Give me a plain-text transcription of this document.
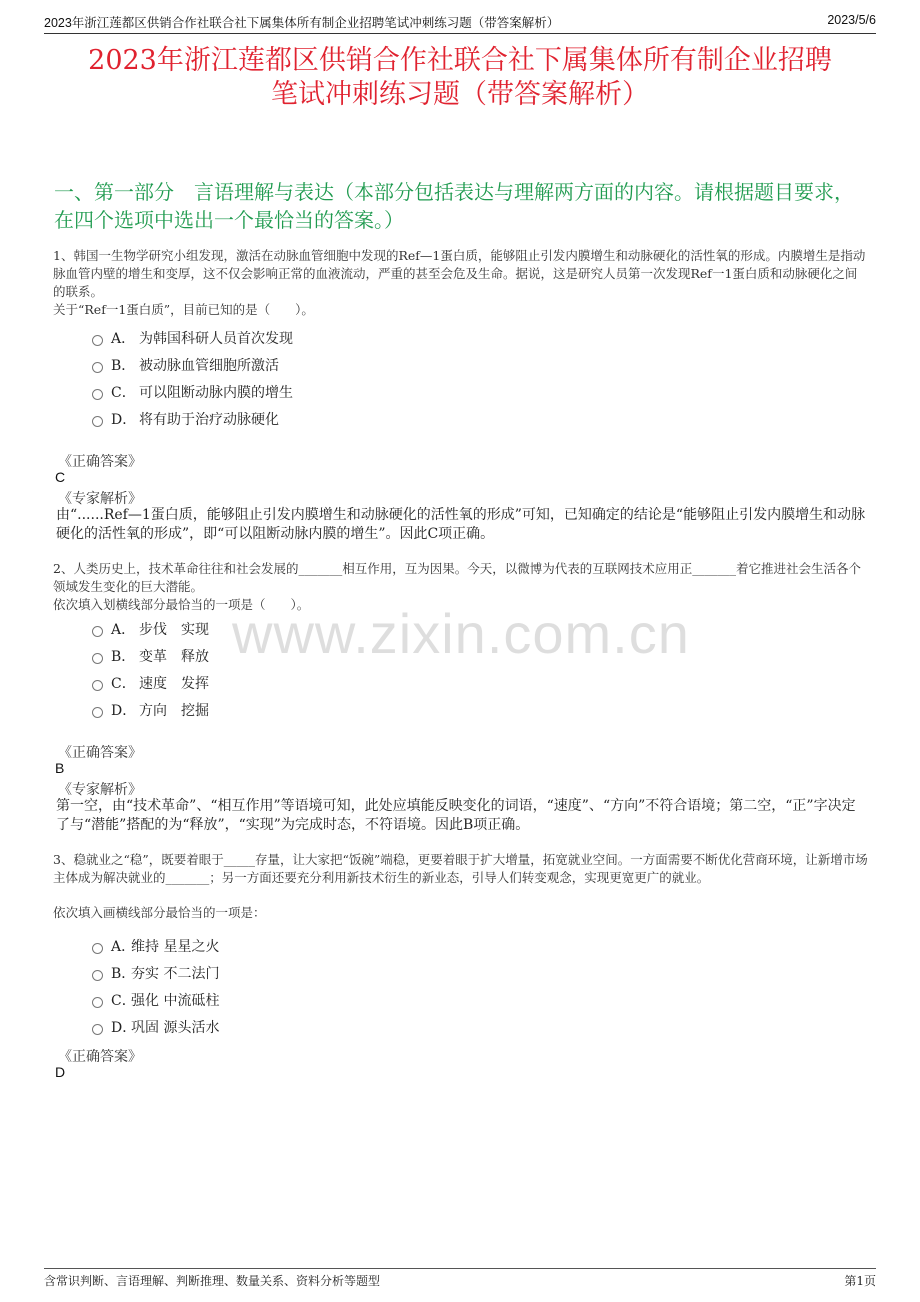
2023年浙江莲都区供销合作社联合社下属集体所有制企业招聘笔试冲刺练习题（带答案解析）	2023/5/6
2023年浙江莲都区供销合作社联合社下属集体所有制企业招聘
笔试冲刺练习题（带答案解析）
一、第一部分　言语理解与表达（本部分包括表达与理解两方面的内容。请根据题目要求，在四个选项中选出一个最恰当的答案。）

1、韩国一生物学研究小组发现，激活在动脉血管细胞中发现的Ref—1蛋白质，能够阻止引发内膜增生和动脉硬化的活性氧的形成。内膜增生是指动脉血管内壁的增生和变厚，这不仅会影响正常的血液流动，严重的甚至会危及生命。据说，这是研究人员第一次发现Ref一1蛋白质和动脉硬化之间的联系。

关于“Ref一1蛋白质”，目前已知的是（　　）。

A． 为韩国科研人员首次发现
B． 被动脉血管细胞所激活
C． 可以阻断动脉内膜的增生
D． 将有助于治疗动脉硬化
《正确答案》
C
《专家解析》
由“......Ref—1蛋白质，能够阻止引发内膜增生和动脉硬化的活性氧的形成”可知，已知确定的结论是“能够阻止引发内膜增生和动脉硬化的活性氧的形成”，即“可以阻断动脉内膜的增生”。因此C项正确。

2、人类历史上，技术革命往往和社会发展的_______相互作用，互为因果。今天，以微博为代表的互联网技术应用正_______着它推进社会生活各个领域发生变化的巨大潜能。

依次填入划横线部分最恰当的一项是（　　）。

www.zixin.com.cn
A． 步伐　实现
B． 变革　释放
C． 速度　发挥
D． 方向　挖掘
《正确答案》
B
《专家解析》
第一空，由“技术革命”、“相互作用”等语境可知，此处应填能反映变化的词语，“速度”、“方向”不符合语境；第二空，“正”字决定了与“潜能”搭配的为“释放”，“实现”为完成时态，不符语境。因此B项正确。

3、稳就业之“稳”，既要着眼于_____存量，让大家把“饭碗”端稳，更要着眼于扩大增量，拓宽就业空间。一方面需要不断优化营商环境，让新增市场主体成为解决就业的_______；另一方面还要充分利用新技术衍生的新业态，引导人们转变观念，实现更宽更广的就业。

依次填入画横线部分最恰当的一项是：

A．
维持 星星之火
B．
夯实 不二法门
C．
强化 中流砥柱
D．
巩固 源头活水
《正确答案》
D
含常识判断、言语理解、判断推理、数量关系、资料分析等题型	第1页
